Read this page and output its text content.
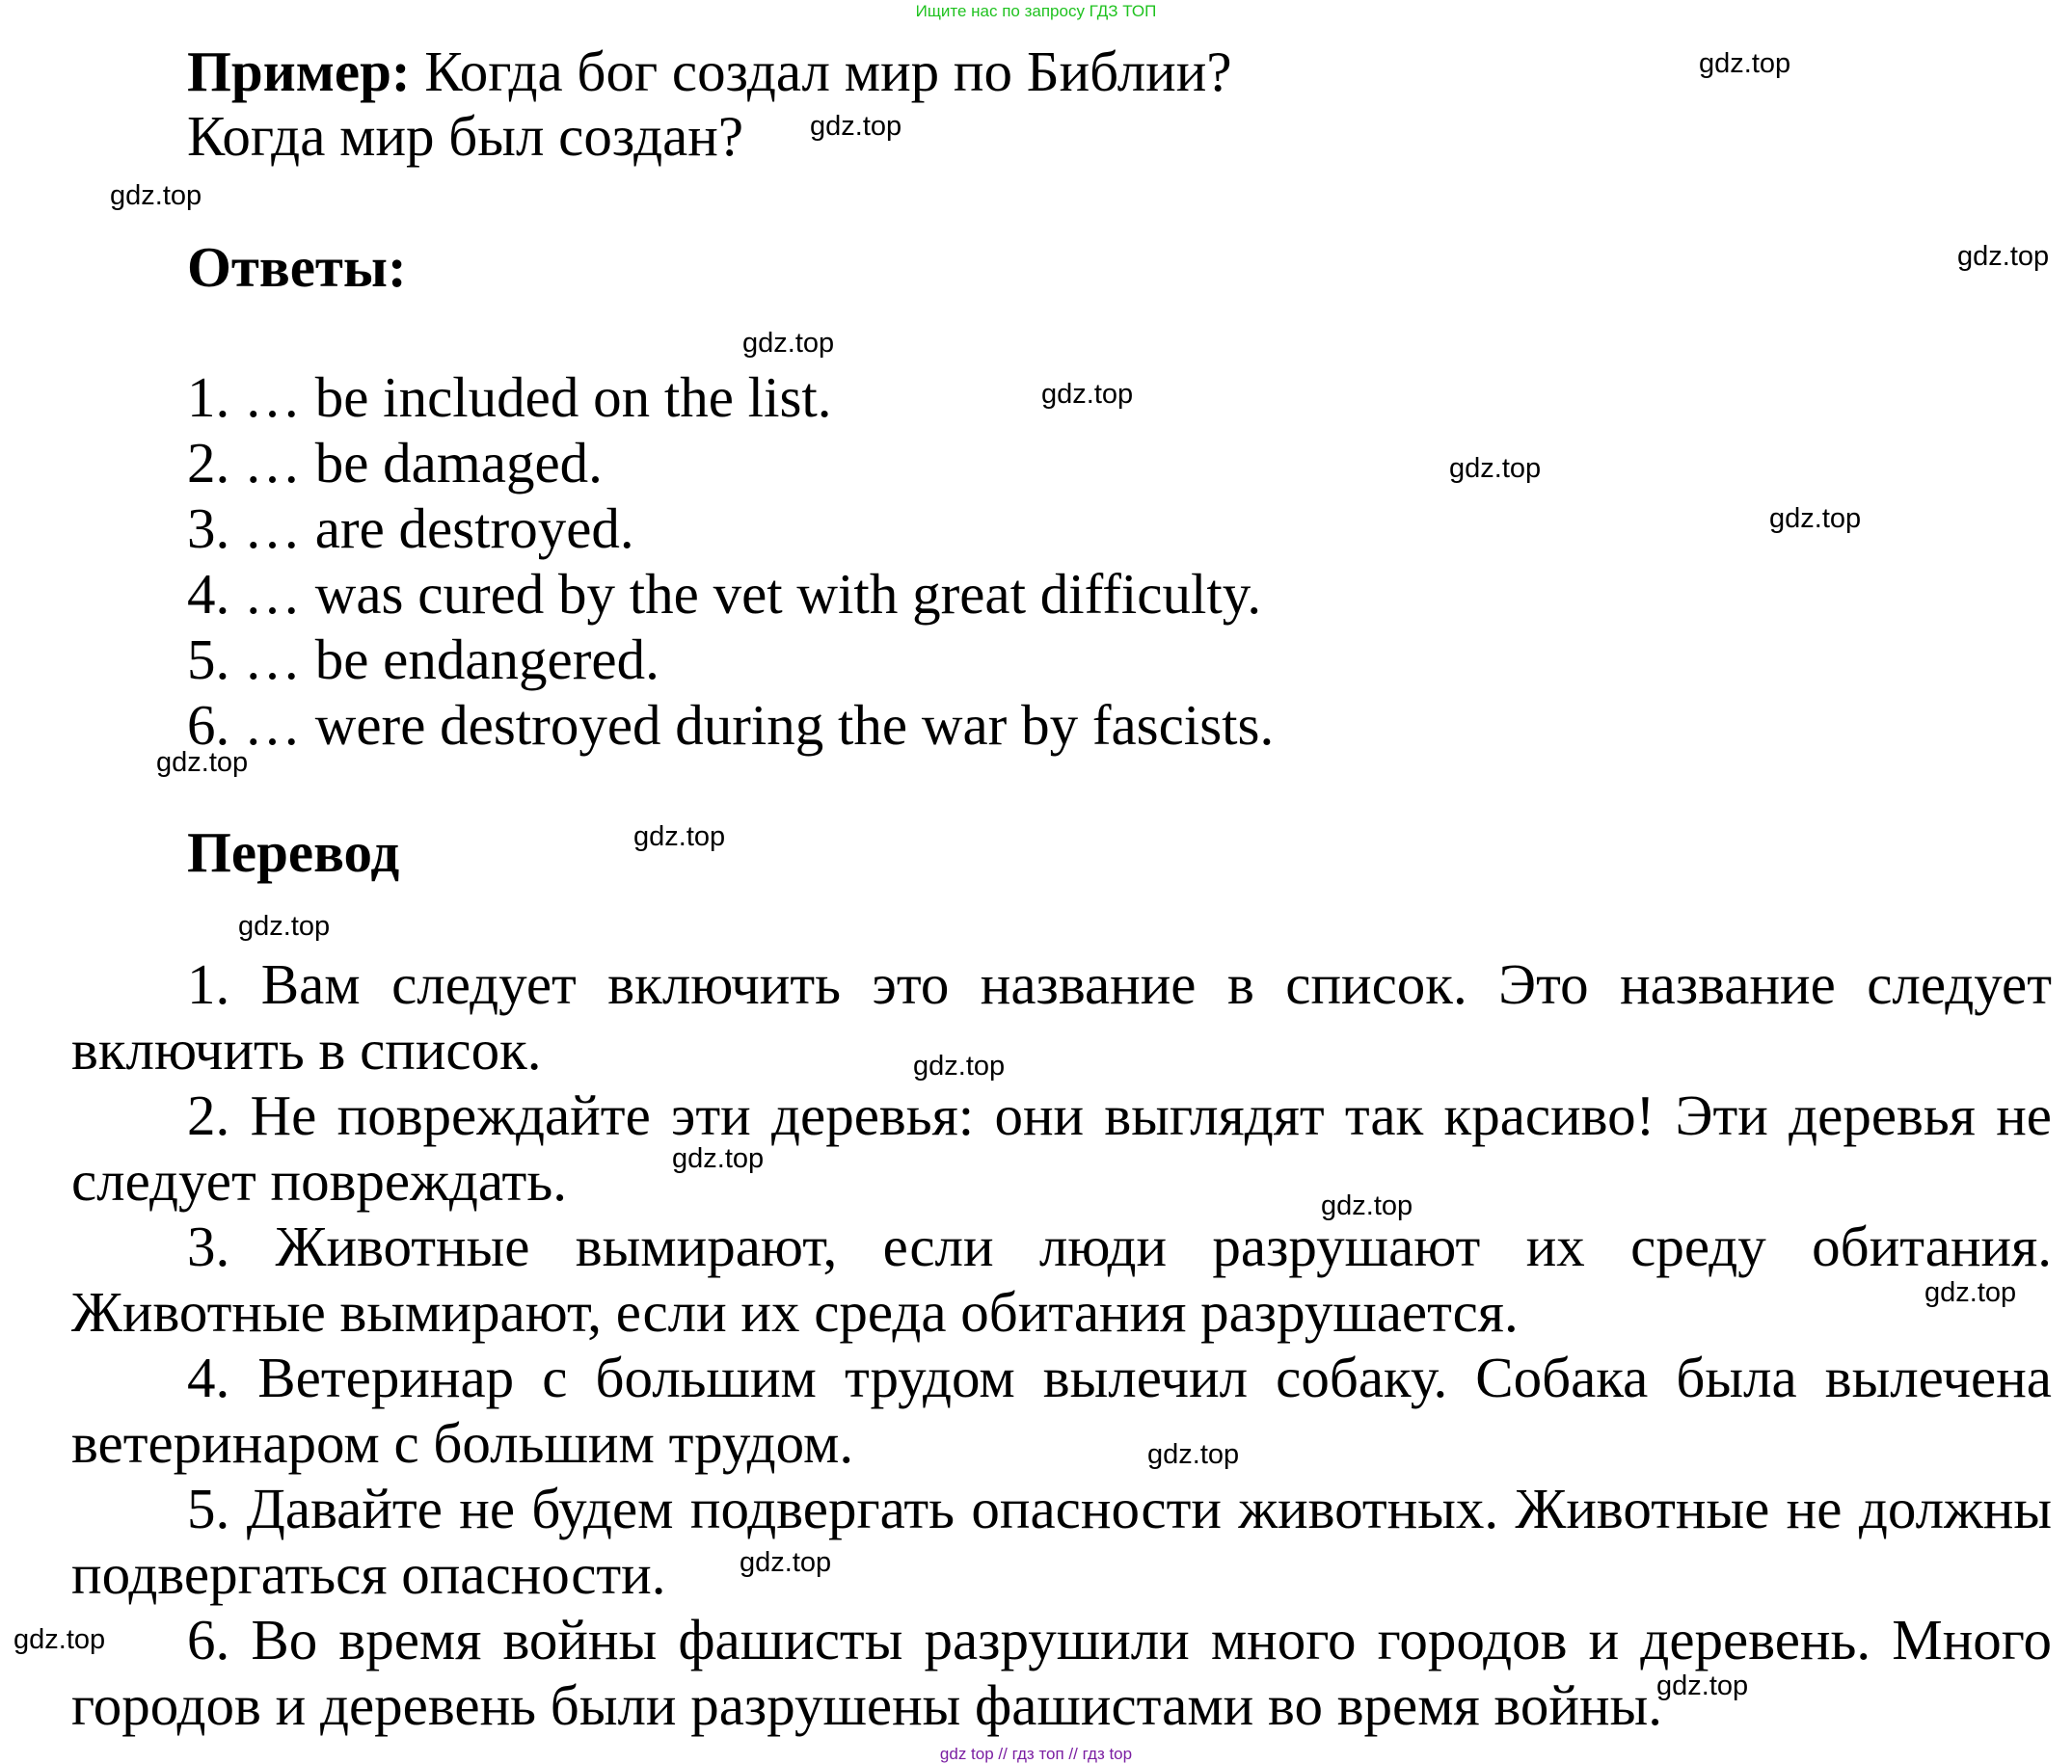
Ищите нас по запросу ГДЗ ТОП
Пример: Когда бог создал мир по Библии?
Когда мир был создан?
Ответы:
1. … be included on the list.
2. … be damaged.
3. … are destroyed.
4. … was cured by the vet with great difficulty.
5. … be endangered.
6. … were destroyed during the war by fascists.
Перевод
1. Вам следует включить это название в список. Это название следует включить в список.
2. Не повреждайте эти деревья: они выглядят так красиво! Эти деревья не следует повреждать.
3. Животные вымирают, если люди разрушают их среду обитания. Животные вымирают, если их среда обитания разрушается.
4. Ветеринар с большим трудом вылечил собаку. Собака была вылечена ветеринаром с большим трудом.
5. Давайте не будем подвергать опасности животных. Животные не должны подвергаться опасности.
6. Во время войны фашисты разрушили много городов и деревень. Много городов и деревень были разрушены фашистами во время войны.
gdz.top
gdz.top
gdz.top
gdz.top
gdz.top
gdz.top
gdz.top
gdz.top
gdz.top
gdz.top
gdz.top
gdz.top
gdz.top
gdz.top
gdz.top
gdz.top
gdz.top
gdz.top
gdz.top
gdz top // гдз топ // гдз top
